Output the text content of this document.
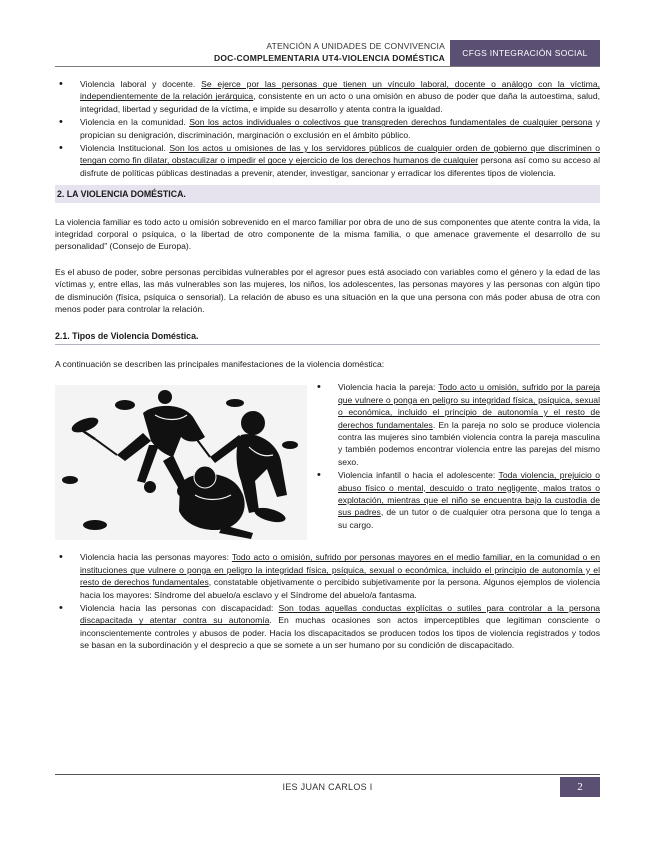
ATENCIÓN A UNIDADES DE CONVIVENCIA
DOC-COMPLEMENTARIA UT4-VIOLENCIA DOMÉSTICA	CFGS INTEGRACIÓN SOCIAL
• Violencia laboral y docente. Se ejerce por las personas que tienen un vínculo laboral, docente o análogo con la víctima, independientemente de la relación jerárquica, consistente en un acto o una omisión en abuso de poder que daña la autoestima, salud, integridad, libertad y seguridad de la víctima, e impide su desarrollo y atenta contra la igualdad.
• Violencia en la comunidad. Son los actos individuales o colectivos que transgreden derechos fundamentales de cualquier persona y propician su denigración, discriminación, marginación o exclusión en el ámbito público.
• Violencia Institucional. Son los actos u omisiones de las y los servidores públicos de cualquier orden de gobierno que discriminen o tengan como fin dilatar, obstaculizar o impedir el goce y ejercicio de los derechos humanos de cualquier persona así como su acceso al disfrute de políticas públicas destinadas a prevenir, atender, investigar, sancionar y erradicar los diferentes tipos de violencia.
2. LA VIOLENCIA DOMÉSTICA.

La violencia familiar es todo acto u omisión sobrevenido en el marco familiar por obra de uno de sus componentes que atente contra la vida, la integridad corporal o psíquica, o la libertad de otro componente de la misma familia, o que amenace gravemente el desarrollo de su personalidad” (Consejo de Europa).

Es el abuso de poder, sobre personas percibidas vulnerables por el agresor pues está asociado con variables como el género y la edad de las víctimas y, entre ellas, las más vulnerables son las mujeres, los niños, los adolescentes, las personas mayores y las personas con algún tipo de disminución (física, psíquica o sensorial). La relación de abuso es una situación en la que una persona con más poder abusa de otra con menos poder para controlar la relación.

2.1. Tipos de Violencia Doméstica.

A continuación se describen las principales manifestaciones de la violencia doméstica:

• Violencia hacia la pareja: Todo acto u omisión, sufrido por la pareja que vulnere o ponga en peligro su integridad física, psíquica, sexual o económica, incluido el principio de autonomía y el resto de derechos fundamentales. En la pareja no solo se produce violencia contra las mujeres sino también violencia contra la pareja masculina y también podemos encontrar violencia entre las parejas del mismo sexo.
• Violencia infantil o hacia el adolescente: Toda violencia, prejuicio o abuso físico o mental, descuido o trato negligente, malos tratos o explotación, mientras que el niño se encuentra bajo la custodia de sus padres, de un tutor o de cualquier otra persona que lo tenga a su cargo.
• Violencia hacia las personas mayores: Todo acto o omisión, sufrido por personas mayores en el medio familiar, en la comunidad o en instituciones que vulnere o ponga en peligro la integridad física, psíquica, sexual o económica, incluido el principio de autonomía y el resto de derechos fundamentales, constatable objetivamente o percibido subjetivamente por la persona. Algunos ejemplos de violencia hacia los mayores: Síndrome del abuelo/a esclavo y el Síndrome del abuelo/a fantasma.
• Violencia hacia las personas con discapacidad: Son todas aquellas conductas explícitas o sutiles para controlar a la persona discapacitada y atentar contra su autonomía. En muchas ocasiones son actos imperceptibles que legitiman consciente o inconscientemente controles y abusos de poder. Hacia los discapacitados se producen todos los tipos de violencia registrados y todos se basan en la subordinación y el desprecio a que se somete a un ser humano por su condición de discapacitado.
IES JUAN CARLOS I	2
